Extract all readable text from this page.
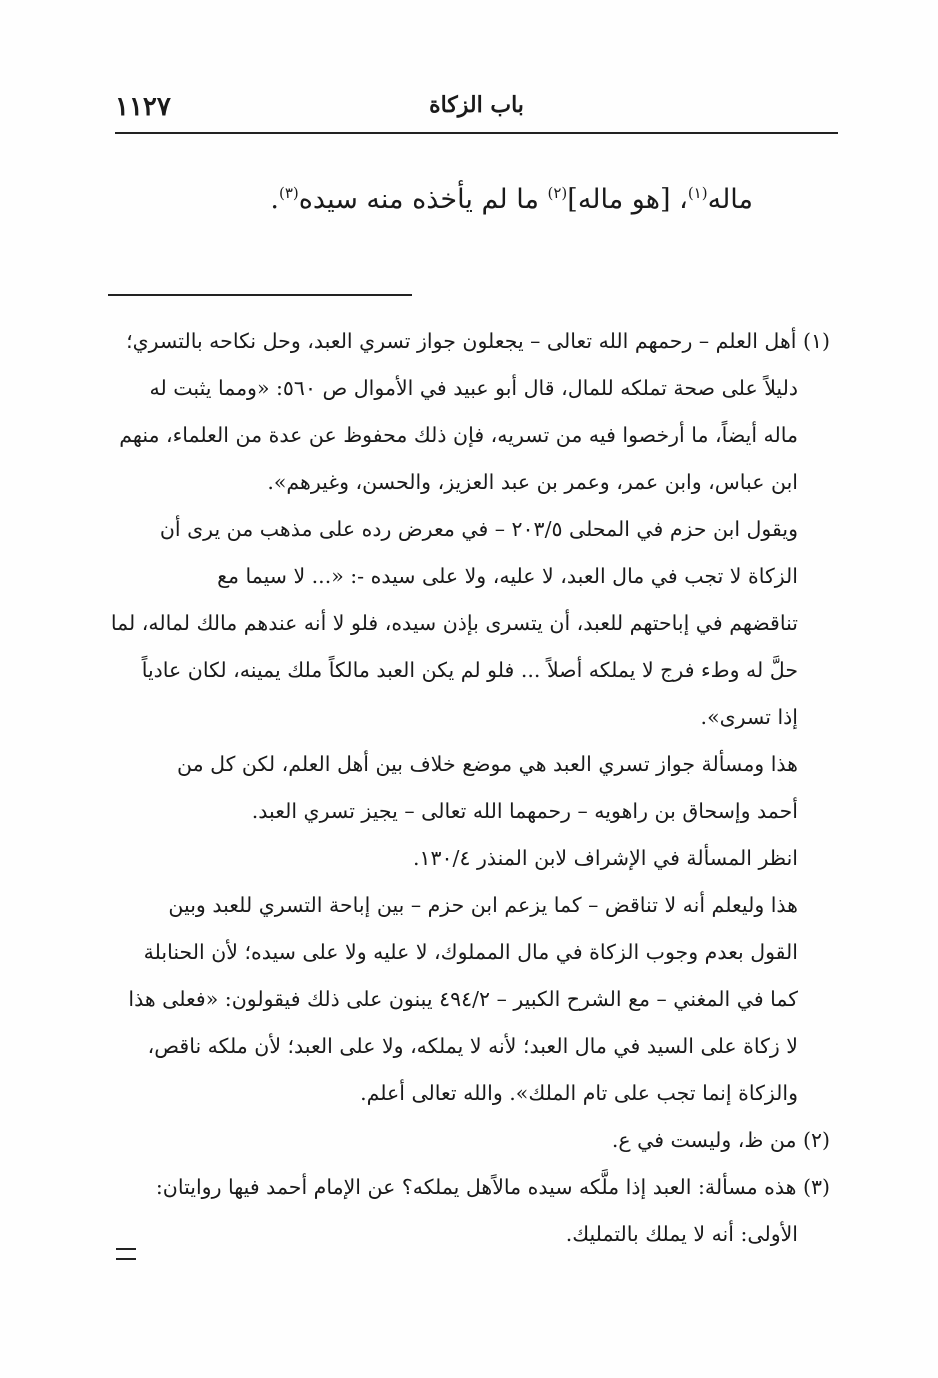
١١٢٧	باب الزكاة
ماله$^{(١)}$، [هو ماله]$^{(٢)}$ ما لم يأخذه منه سيده$^{(٣)}$.

(١) أهل العلم – رحمهم الله تعالى – يجعلون جواز تسري العبد، وحل نكاحه بالتسري؛

دليلاً على صحة تملكه للمال، قال أبو عبيد في الأموال ص ٥٦٠: «ومما يثبت له

ماله أيضاً، ما أرخصوا فيه من تسريه، فإن ذلك محفوظ عن عدة من العلماء، منهم

ابن عباس، وابن عمر، وعمر بن عبد العزيز، والحسن، وغيرهم».

ويقول ابن حزم في المحلى ٢٠٣/٥ – في معرض رده على مذهب من يرى أن

الزكاة لا تجب في مال العبد، لا عليه، ولا على سيده -: «... لا سيما مع

تناقضهم في إباحتهم للعبد، أن يتسرى بإذن سيده، فلو لا أنه عندهم مالك لماله، لما

حلَّ له وطء فرج لا يملكه أصلاً ... فلو لم يكن العبد مالكاً ملك يمينه، لكان عادياً

إذا تسرى».

هذا ومسألة جواز تسري العبد هي موضع خلاف بين أهل العلم، لكن كل من

أحمد وإسحاق بن راهويه – رحمهما الله تعالى – يجيز تسري العبد.

انظر المسألة في الإشراف لابن المنذر ١٣٠/٤.

هذا وليعلم أنه لا تناقض – كما يزعم ابن حزم – بين إباحة التسري للعبد وبين

القول بعدم وجوب الزكاة في مال المملوك، لا عليه ولا على سيده؛ لأن الحنابلة

كما في المغني – مع الشرح الكبير – ٤٩٤/٢ يبنون على ذلك فيقولون: «فعلى هذا

لا زكاة على السيد في مال العبد؛ لأنه لا يملكه، ولا على العبد؛ لأن ملكه ناقص،

والزكاة إنما تجب على تام الملك». والله تعالى أعلم.

(٢) من ظ، وليست في ع.

(٣) هذه مسألة: العبد إذا ملَّكه سيده مالاًهل يملكه؟ عن الإمام أحمد فيها روايتان:

الأولى: أنه لا يملك بالتمليك.
